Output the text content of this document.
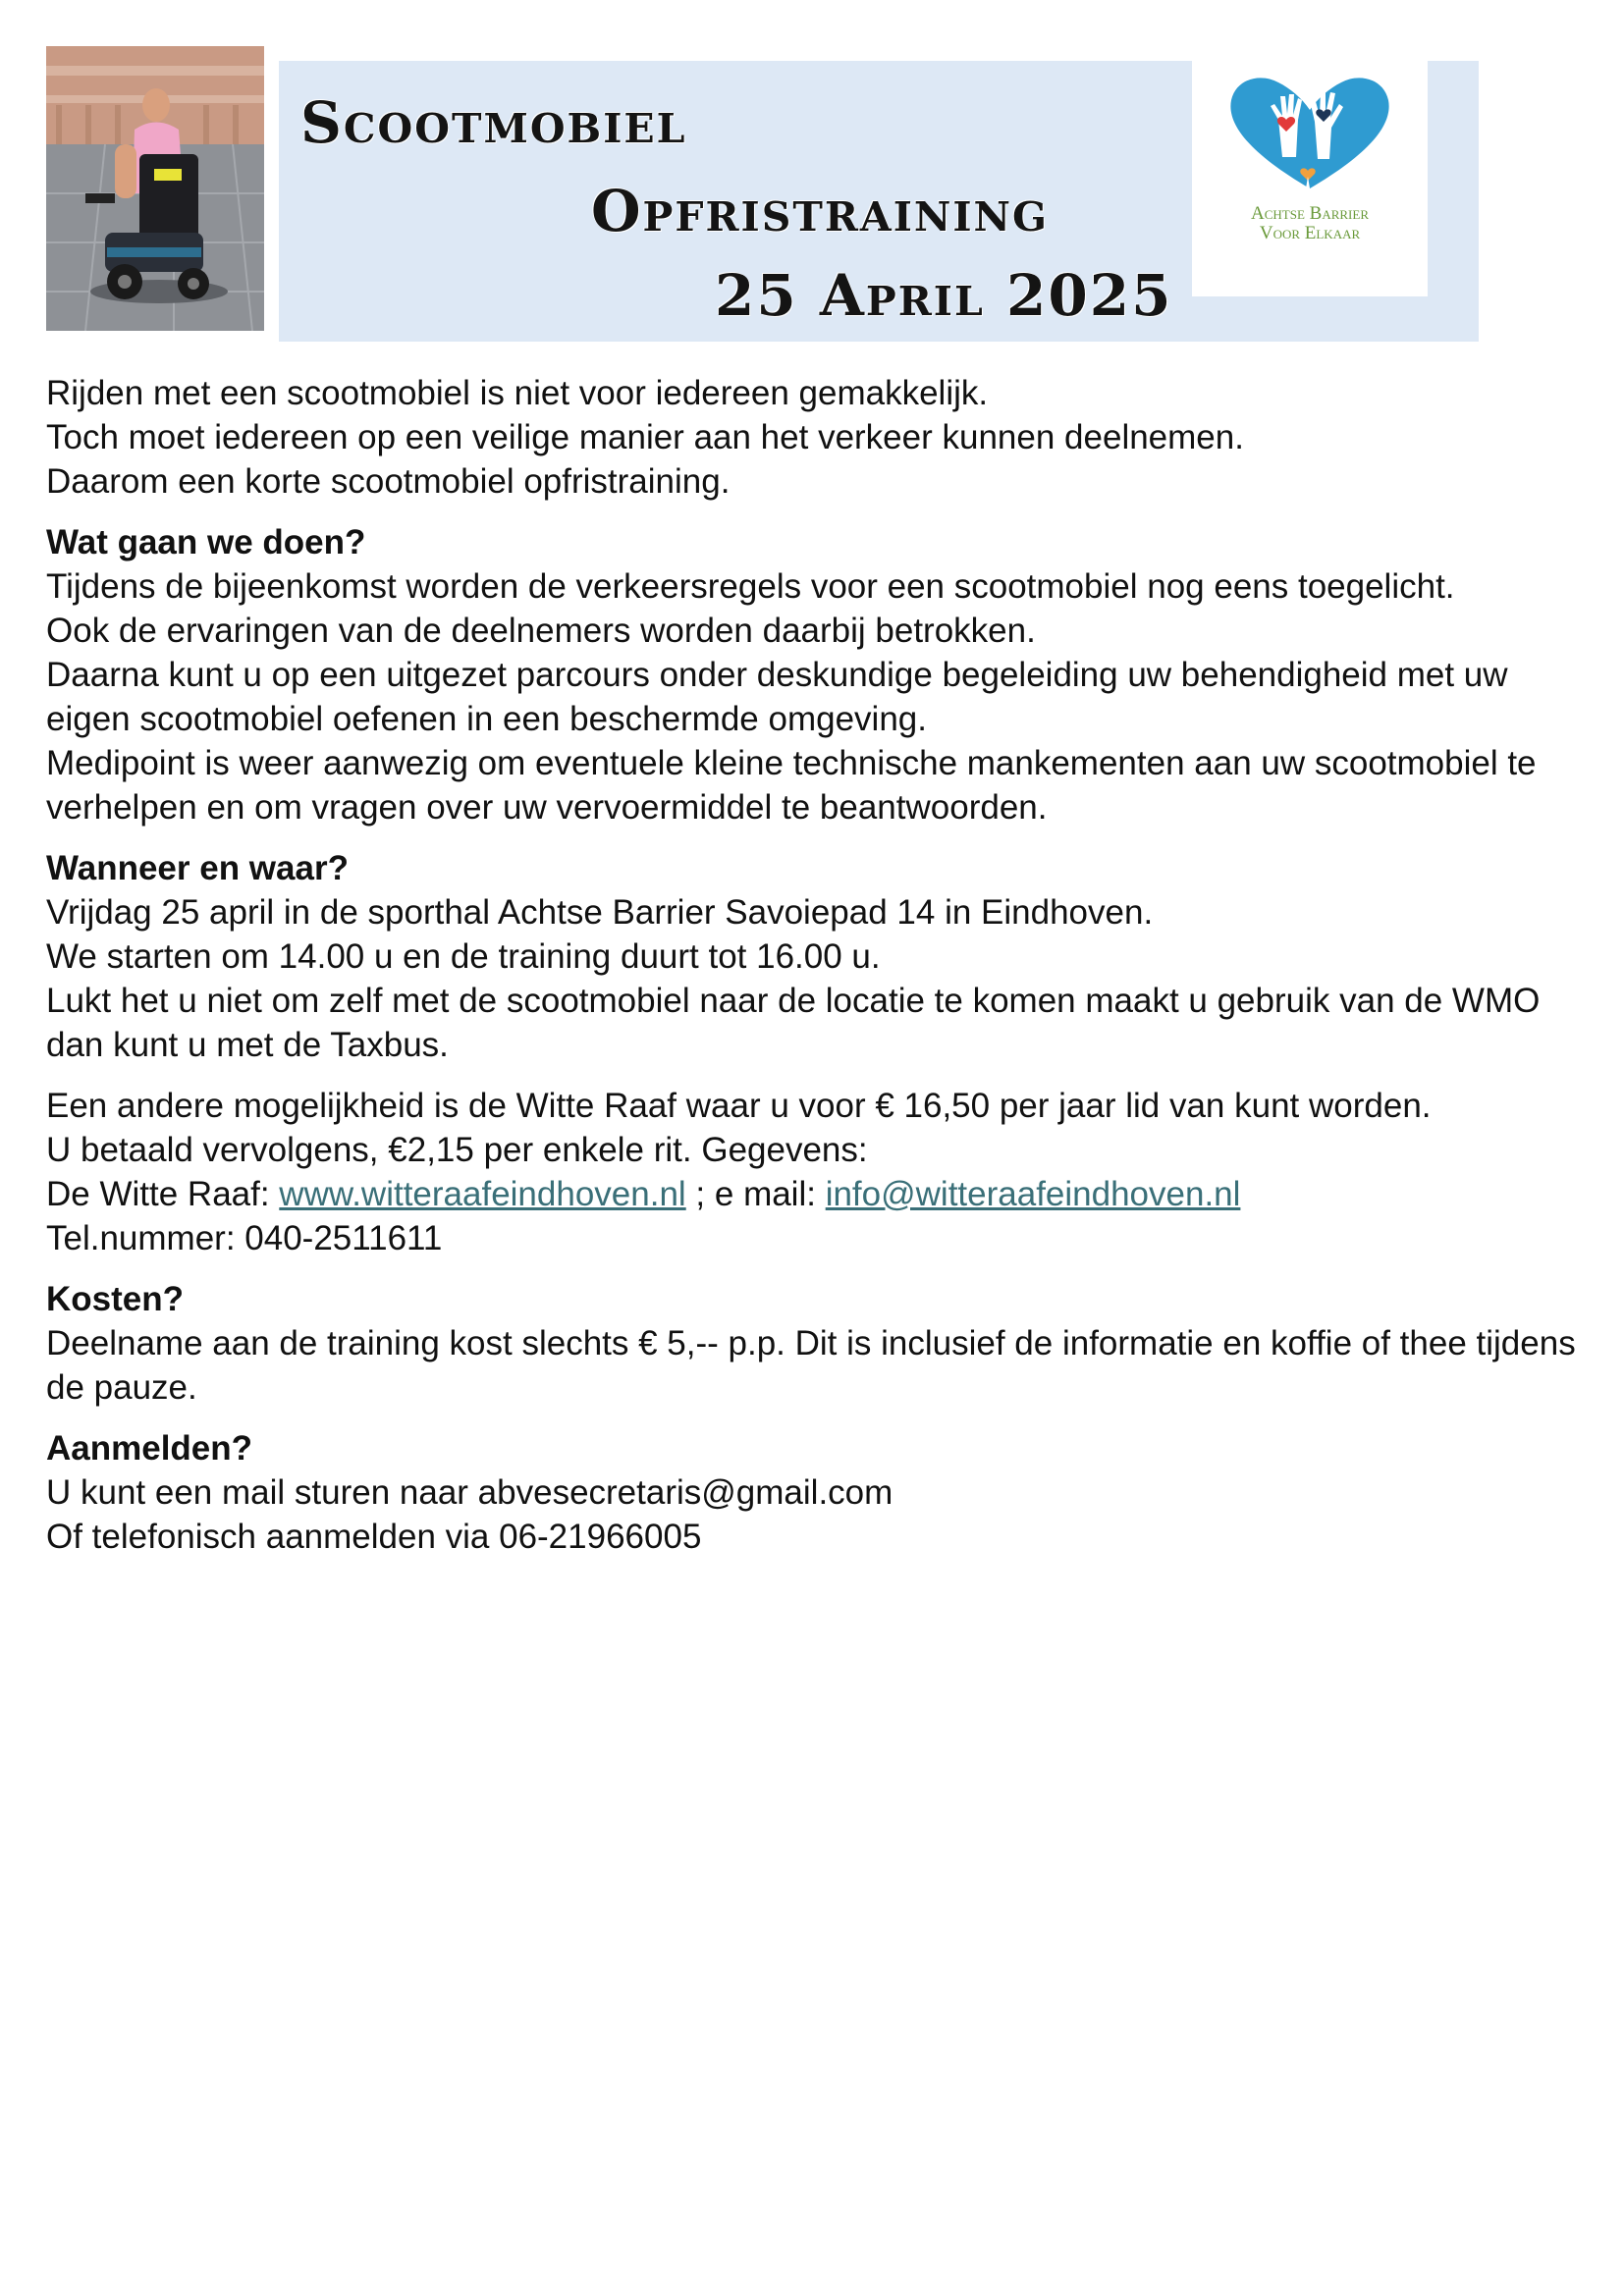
Scootmobiel
Opfristraining
25 April 2025

Achtse Barrier

Voor Elkaar

Rijden met een scootmobiel is niet voor iedereen gemakkelijk.

Toch moet iedereen op een veilige manier aan het verkeer kunnen deelnemen.

Daarom een korte scootmobiel opfristraining.

Wat gaan we doen?

Tijdens de bijeenkomst worden de verkeersregels voor een scootmobiel nog eens toegelicht.

Ook de ervaringen van de deelnemers worden daarbij betrokken.

Daarna kunt u op een uitgezet parcours onder deskundige begeleiding uw behendigheid met uw eigen scootmobiel oefenen in een beschermde omgeving.

Medipoint is weer aanwezig om eventuele kleine technische mankementen aan uw scootmobiel te verhelpen en om vragen over uw vervoermiddel te beantwoorden.

Wanneer en waar?

Vrijdag 25 april in de sporthal Achtse Barrier Savoiepad 14 in Eindhoven.

We starten om 14.00 u en de training duurt tot 16.00 u.

Lukt het u niet om zelf met de scootmobiel naar de locatie te komen maakt u gebruik van de WMO dan kunt u met de Taxbus.

Een andere mogelijkheid is de Witte Raaf waar u voor € 16,50 per jaar lid van kunt worden.

U betaald vervolgens, €2,15 per enkele rit. Gegevens:

De Witte Raaf: www.witteraafeindhoven.nl ; e mail: info@witteraafeindhoven.nl

Tel.nummer: 040-2511611

Kosten?

Deelname aan de training kost slechts € 5,-- p.p. Dit is inclusief de informatie en koffie of thee tijdens de pauze.

Aanmelden?

U kunt een mail sturen naar abvesecretaris@gmail.com

Of telefonisch aanmelden via 06-21966005
